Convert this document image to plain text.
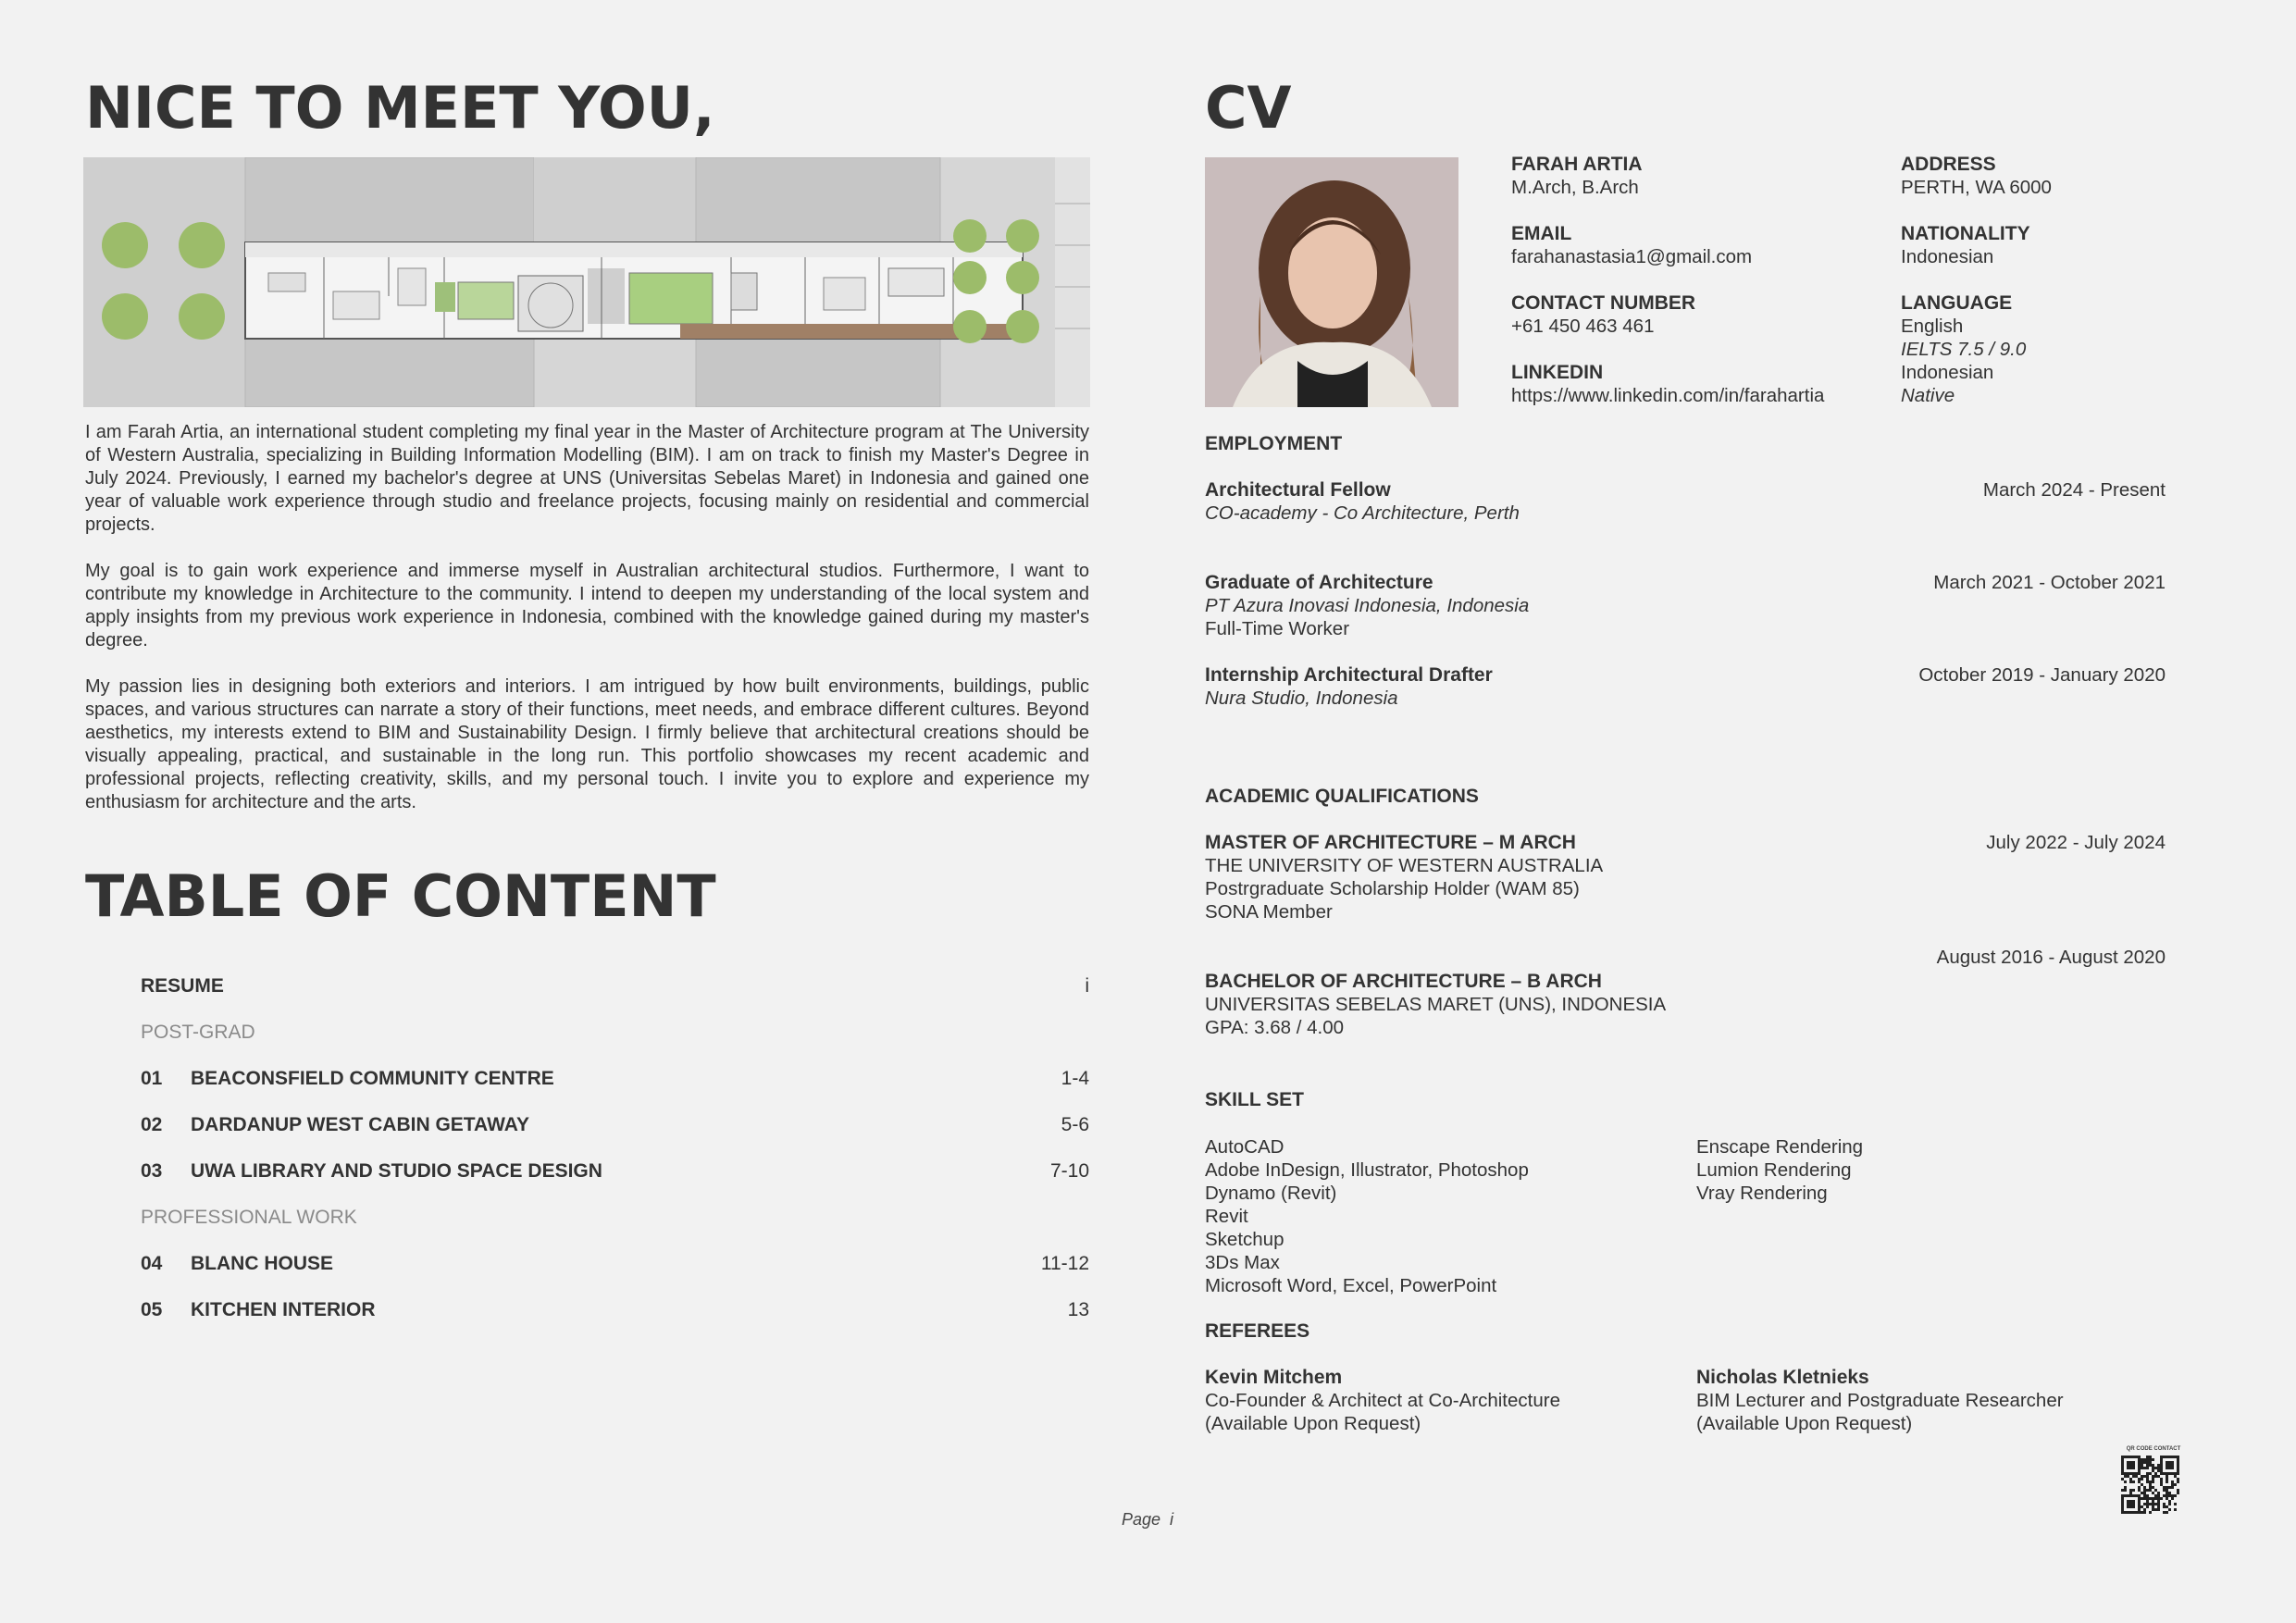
NICE TO MEET YOU,

I am Farah Artia, an international student completing my final year in the Master of Architecture program at The University of Western Australia, specializing in Building Information Modelling (BIM). I am on track to finish my Master's Degree in July 2024. Previously, I earned my bachelor's degree at UNS (Universitas Sebelas Maret) in Indonesia and gained one year of valuable work experience through studio and freelance projects, focusing mainly on residential and commercial projects.

My goal is to gain work experience and immerse myself in Australian architectural studios. Furthermore, I want to contribute my knowledge in Architecture to the community. I intend to deepen my understanding of the local system and apply insights from my previous work experience in Indonesia, combined with the knowledge gained during my master's degree.

My passion lies in designing both exteriors and interiors. I am intrigued by how built environments, buildings, public spaces, and various structures can narrate a story of their functions, meet needs, and embrace different cultures. Beyond aesthetics, my interests extend to BIM and Sustainability Design. I firmly believe that architectural creations should be visually appealing, practical, and sustainable in the long run. This portfolio showcases my recent academic and professional projects, reflecting creativity, skills, and my personal touch. I invite you to explore and experience my enthusiasm for architecture and the arts.

TABLE OF CONTENT
RESUME	i
POST-GRAD
01 BEACONSFIELD COMMUNITY CENTRE	1-4
02 DARDANUP WEST CABIN GETAWAY	5-6
03 UWA LIBRARY AND STUDIO SPACE DESIGN	7-10
PROFESSIONAL WORK
04 BLANC HOUSE	11-12
05 KITCHEN INTERIOR	13
CV
FARAH ARTIA
M.Arch, B.Arch
EMAIL
farahanastasia1@gmail.com
CONTACT NUMBER
+61 450 463 461
LINKEDIN
https://www.linkedin.com/in/farahartia
ADDRESS
PERTH, WA 6000
NATIONALITY
Indonesian
LANGUAGE
English
IELTS 7.5 / 9.0
Indonesian
Native
EMPLOYMENT
Architectural Fellow
CO-academy - Co Architecture, Perth
March 2024 - Present
Graduate of Architecture
PT Azura Inovasi Indonesia, Indonesia
Full-Time Worker
March 2021 - October 2021
Internship Architectural Drafter
Nura Studio, Indonesia
October 2019 - January 2020
ACADEMIC QUALIFICATIONS
MASTER OF ARCHITECTURE – M ARCH
THE UNIVERSITY OF WESTERN AUSTRALIA
Postrgraduate Scholarship Holder (WAM 85)
SONA Member
July 2022 - July 2024
August 2016 - August 2020
BACHELOR OF ARCHITECTURE – B ARCH
UNIVERSITAS SEBELAS MARET (UNS), INDONESIA
GPA: 3.68 / 4.00
SKILL SET
AutoCAD
Adobe InDesign, Illustrator, Photoshop
Dynamo (Revit)
Revit
Sketchup
3Ds Max
Microsoft Word, Excel, PowerPoint
Enscape Rendering
Lumion Rendering
Vray Rendering
REFEREES
Kevin Mitchem
Co-Founder & Architect at Co-Architecture
(Available Upon Request)
Nicholas Kletnieks
BIM Lecturer and Postgraduate Researcher
(Available Upon Request)
QR CODE CONTACT
Page  i
